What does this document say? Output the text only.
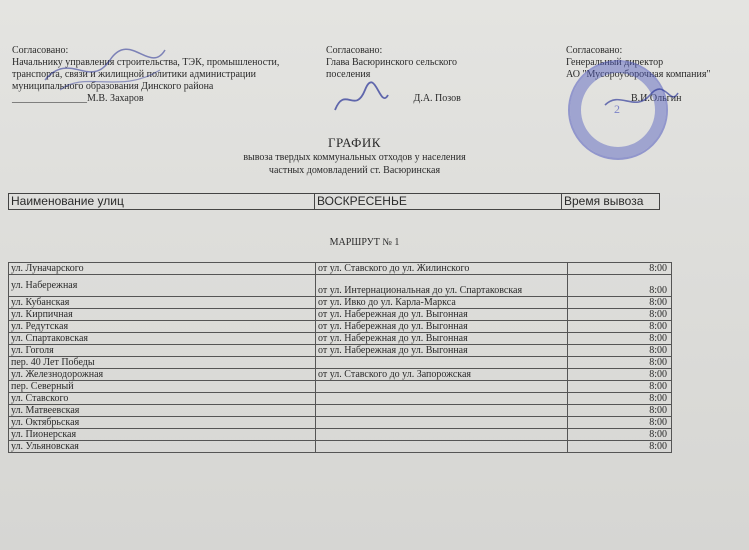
Согласовано:
Начальнику управления строительства, ТЭК, промышлености,
транспорта, связи и жилищной политики администрации
муниципального образования Динского района
_______________М.В. Захаров
Согласовано:
Глава Васюринского сельского
поселения

Д.А. Позов
Согласовано:
Генеральный директор
АО "Мусороуборочная компания"

В.И.Ольгин
2
ГРАФИК
вывоза твердых коммунальных отходов у населения
частных домовладений ст. Васюринская
Наименование улиц	ВОСКРЕСЕНЬЕ	Время вывоза
МАРШРУТ № 1
ул. Луначарского	от ул. Ставского до ул. Жилинского	8:00
ул. Набережная	от ул. Интернациональная до ул. Спартаковская	8:00
ул. Кубанская	от ул. Ивко до ул. Карла-Маркса	8:00
ул. Кирпичная	от ул. Набережная до ул. Выгонная	8:00
ул. Редутская	от ул. Набережная до ул. Выгонная	8:00
ул. Спартаковская	от ул. Набережная до ул. Выгонная	8:00
ул. Гоголя	от ул. Набережная до ул. Выгонная	8:00
пер. 40 Лет Победы		8:00
ул. Железнодорожная	от ул. Ставского до ул. Запорожская	8:00
пер. Северный		8:00
ул. Ставского		8:00
ул. Матвеевская		8:00
ул. Октябрьская		8:00
ул. Пионерская		8:00
ул. Ульяновская		8:00
